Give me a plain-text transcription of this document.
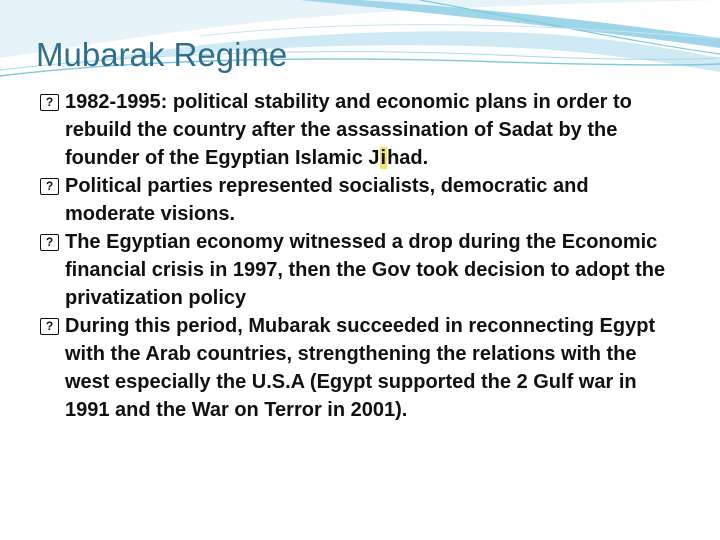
Mubarak Regime

? 1982-1995: political stability and economic plans in order to rebuild the country after the assassination of Sadat by the founder of the Egyptian Islamic Jihad.

? Political parties represented socialists, democratic and moderate visions.

? The Egyptian economy witnessed a drop during the Economic financial crisis in 1997, then the Gov took decision to adopt the privatization policy

? During this period, Mubarak succeeded in reconnecting Egypt with the Arab countries, strengthening the relations with the west especially the U.S.A (Egypt supported the 2 Gulf war in 1991 and the War on Terror in 2001).
